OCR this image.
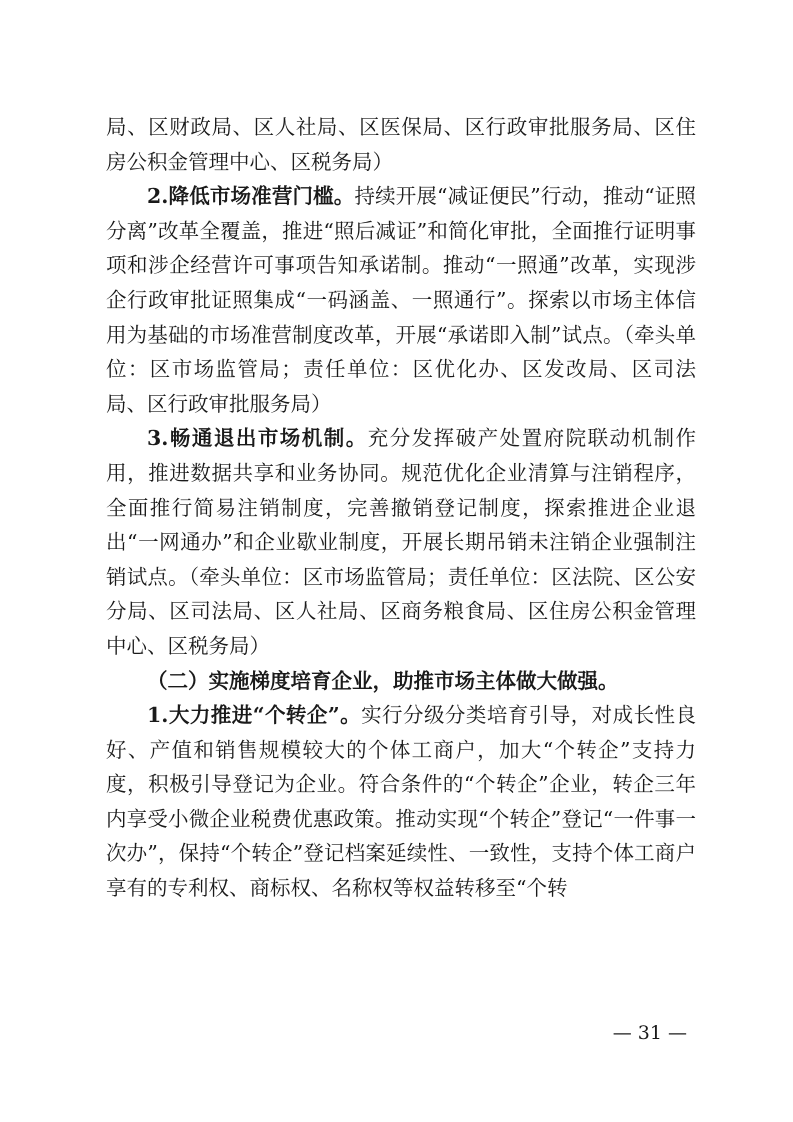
局、区财政局、区人社局、区医保局、区行政审批服务局、区住房公积金管理中心、区税务局）

2.降低市场准营门槛。持续开展“减证便民”行动，推动“证照分离”改革全覆盖，推进“照后减证”和简化审批，全面推行证明事项和涉企经营许可事项告知承诺制。推动“一照通”改革，实现涉企行政审批证照集成“一码涵盖、一照通行”。探索以市场主体信用为基础的市场准营制度改革，开展“承诺即入制”试点。（牵头单位：区市场监管局；责任单位：区优化办、区发改局、区司法局、区行政审批服务局）

3.畅通退出市场机制。充分发挥破产处置府院联动机制作用，推进数据共享和业务协同。规范优化企业清算与注销程序，全面推行简易注销制度，完善撤销登记制度，探索推进企业退出“一网通办”和企业歇业制度，开展长期吊销未注销企业强制注销试点。（牵头单位：区市场监管局；责任单位：区法院、区公安分局、区司法局、区人社局、区商务粮食局、区住房公积金管理中心、区税务局）

（二）实施梯度培育企业，助推市场主体做大做强。

1.大力推进“个转企”。实行分级分类培育引导，对成长性良好、产值和销售规模较大的个体工商户，加大“个转企”支持力度，积极引导登记为企业。符合条件的“个转企”企业，转企三年内享受小微企业税费优惠政策。推动实现“个转企”登记“一件事一次办”，保持“个转企”登记档案延续性、一致性，支持个体工商户享有的专利权、商标权、名称权等权益转移至“个转

— 31 —
